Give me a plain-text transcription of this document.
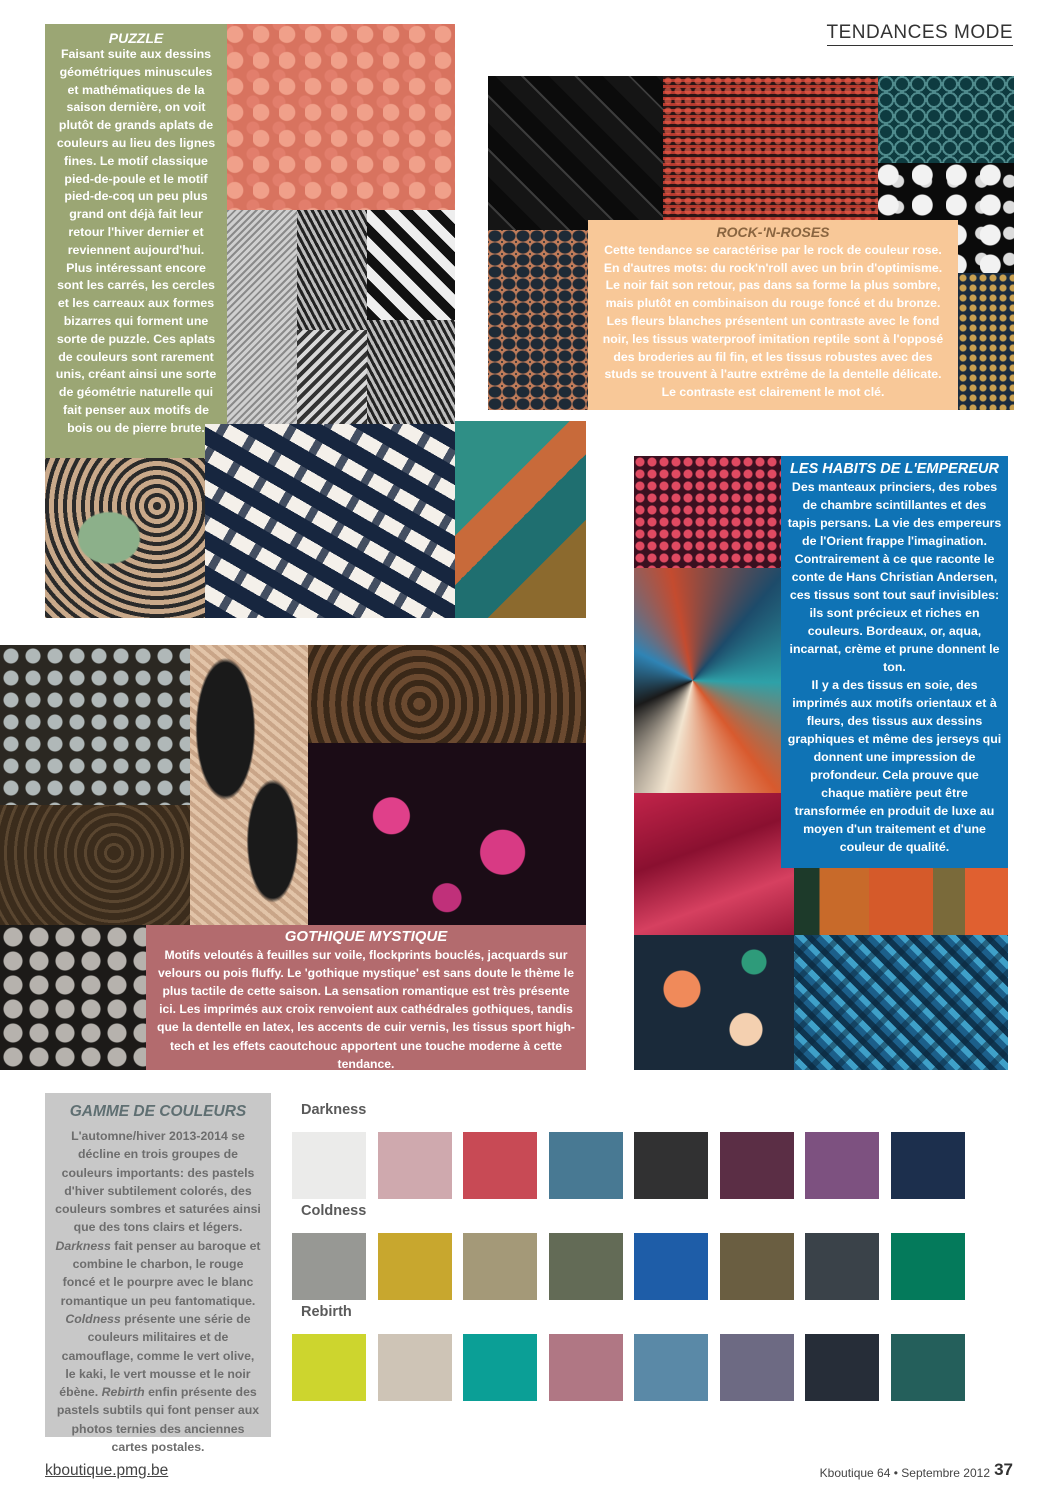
TENDANCES MODE
PUZZLE
Faisant suite aux dessins géométriques minuscules et mathématiques de la saison dernière, on voit plutôt de grands aplats de couleurs au lieu des lignes fines. Le motif classique pied-de-poule et le motif pied-de-coq un peu plus grand ont déjà fait leur retour l'hiver dernier et reviennent aujourd'hui. Plus intéressant encore sont les carrés, les cercles et les carreaux aux formes bizarres qui forment une sorte de puzzle. Ces aplats de couleurs sont rarement unis, créant ainsi une sorte de géométrie naturelle qui fait penser aux motifs de bois ou de pierre brute.
ROCK-'N-ROSES
Cette tendance se caractérise par le rock de couleur rose. En d'autres mots: du rock'n'roll avec un brin d'optimisme. Le noir fait son retour, pas dans sa forme la plus sombre, mais plutôt en combinaison du rouge foncé et du bronze. Les fleurs blanches présentent un contraste avec le fond noir, les tissus waterproof imitation reptile sont à l'opposé des broderies au fil fin, et les tissus robustes avec des studs se trouvent à l'autre extrême de la dentelle délicate. Le contraste est clairement le mot clé.
LES HABITS DE L'EMPEREUR
Des manteaux princiers, des robes de chambre scintillantes et des tapis persans. La vie des empereurs de l'Orient frappe l'imagination. Contrairement à ce que raconte le conte de Hans Christian Andersen, ces tissus sont tout sauf invisibles: ils sont précieux et riches en couleurs. Bordeaux, or, aqua, incarnat, crème et prune donnent le ton.
Il y a des tissus en soie, des imprimés aux motifs orientaux et à fleurs, des tissus aux dessins graphiques et même des jerseys qui donnent une impression de profondeur. Cela prouve que chaque matière peut être transformée en produit de luxe au moyen d'un traitement et d'une couleur de qualité.
GOTHIQUE MYSTIQUE
Motifs veloutés à feuilles sur voile, flockprints bouclés, jacquards sur velours ou pois fluffy. Le 'gothique mystique' est sans doute le thème le plus tactile de cette saison. La sensation romantique est très présente ici. Les imprimés aux croix renvoient aux cathédrales gothiques, tandis que la dentelle en latex, les accents de cuir vernis, les tissus sport high-tech et les effets caoutchouc apportent une touche moderne à cette tendance.
GAMME DE COULEURS
L'automne/hiver 2013-2014 se décline en trois groupes de couleurs importants: des pastels d'hiver subtilement colorés, des couleurs sombres et saturées ainsi que des tons clairs et légers. Darkness fait penser au baroque et combine le charbon, le rouge foncé et le pourpre avec le blanc romantique un peu fantomatique. Coldness présente une série de couleurs militaires et de camouflage, comme le vert olive, le kaki, le vert mousse et le noir ébène. Rebirth enfin présente des pastels subtils qui font penser aux photos ternies des anciennes cartes postales.
Darkness
Coldness
Rebirth
kboutique.pmg.be	Kboutique 64 • Septembre 2012 37
